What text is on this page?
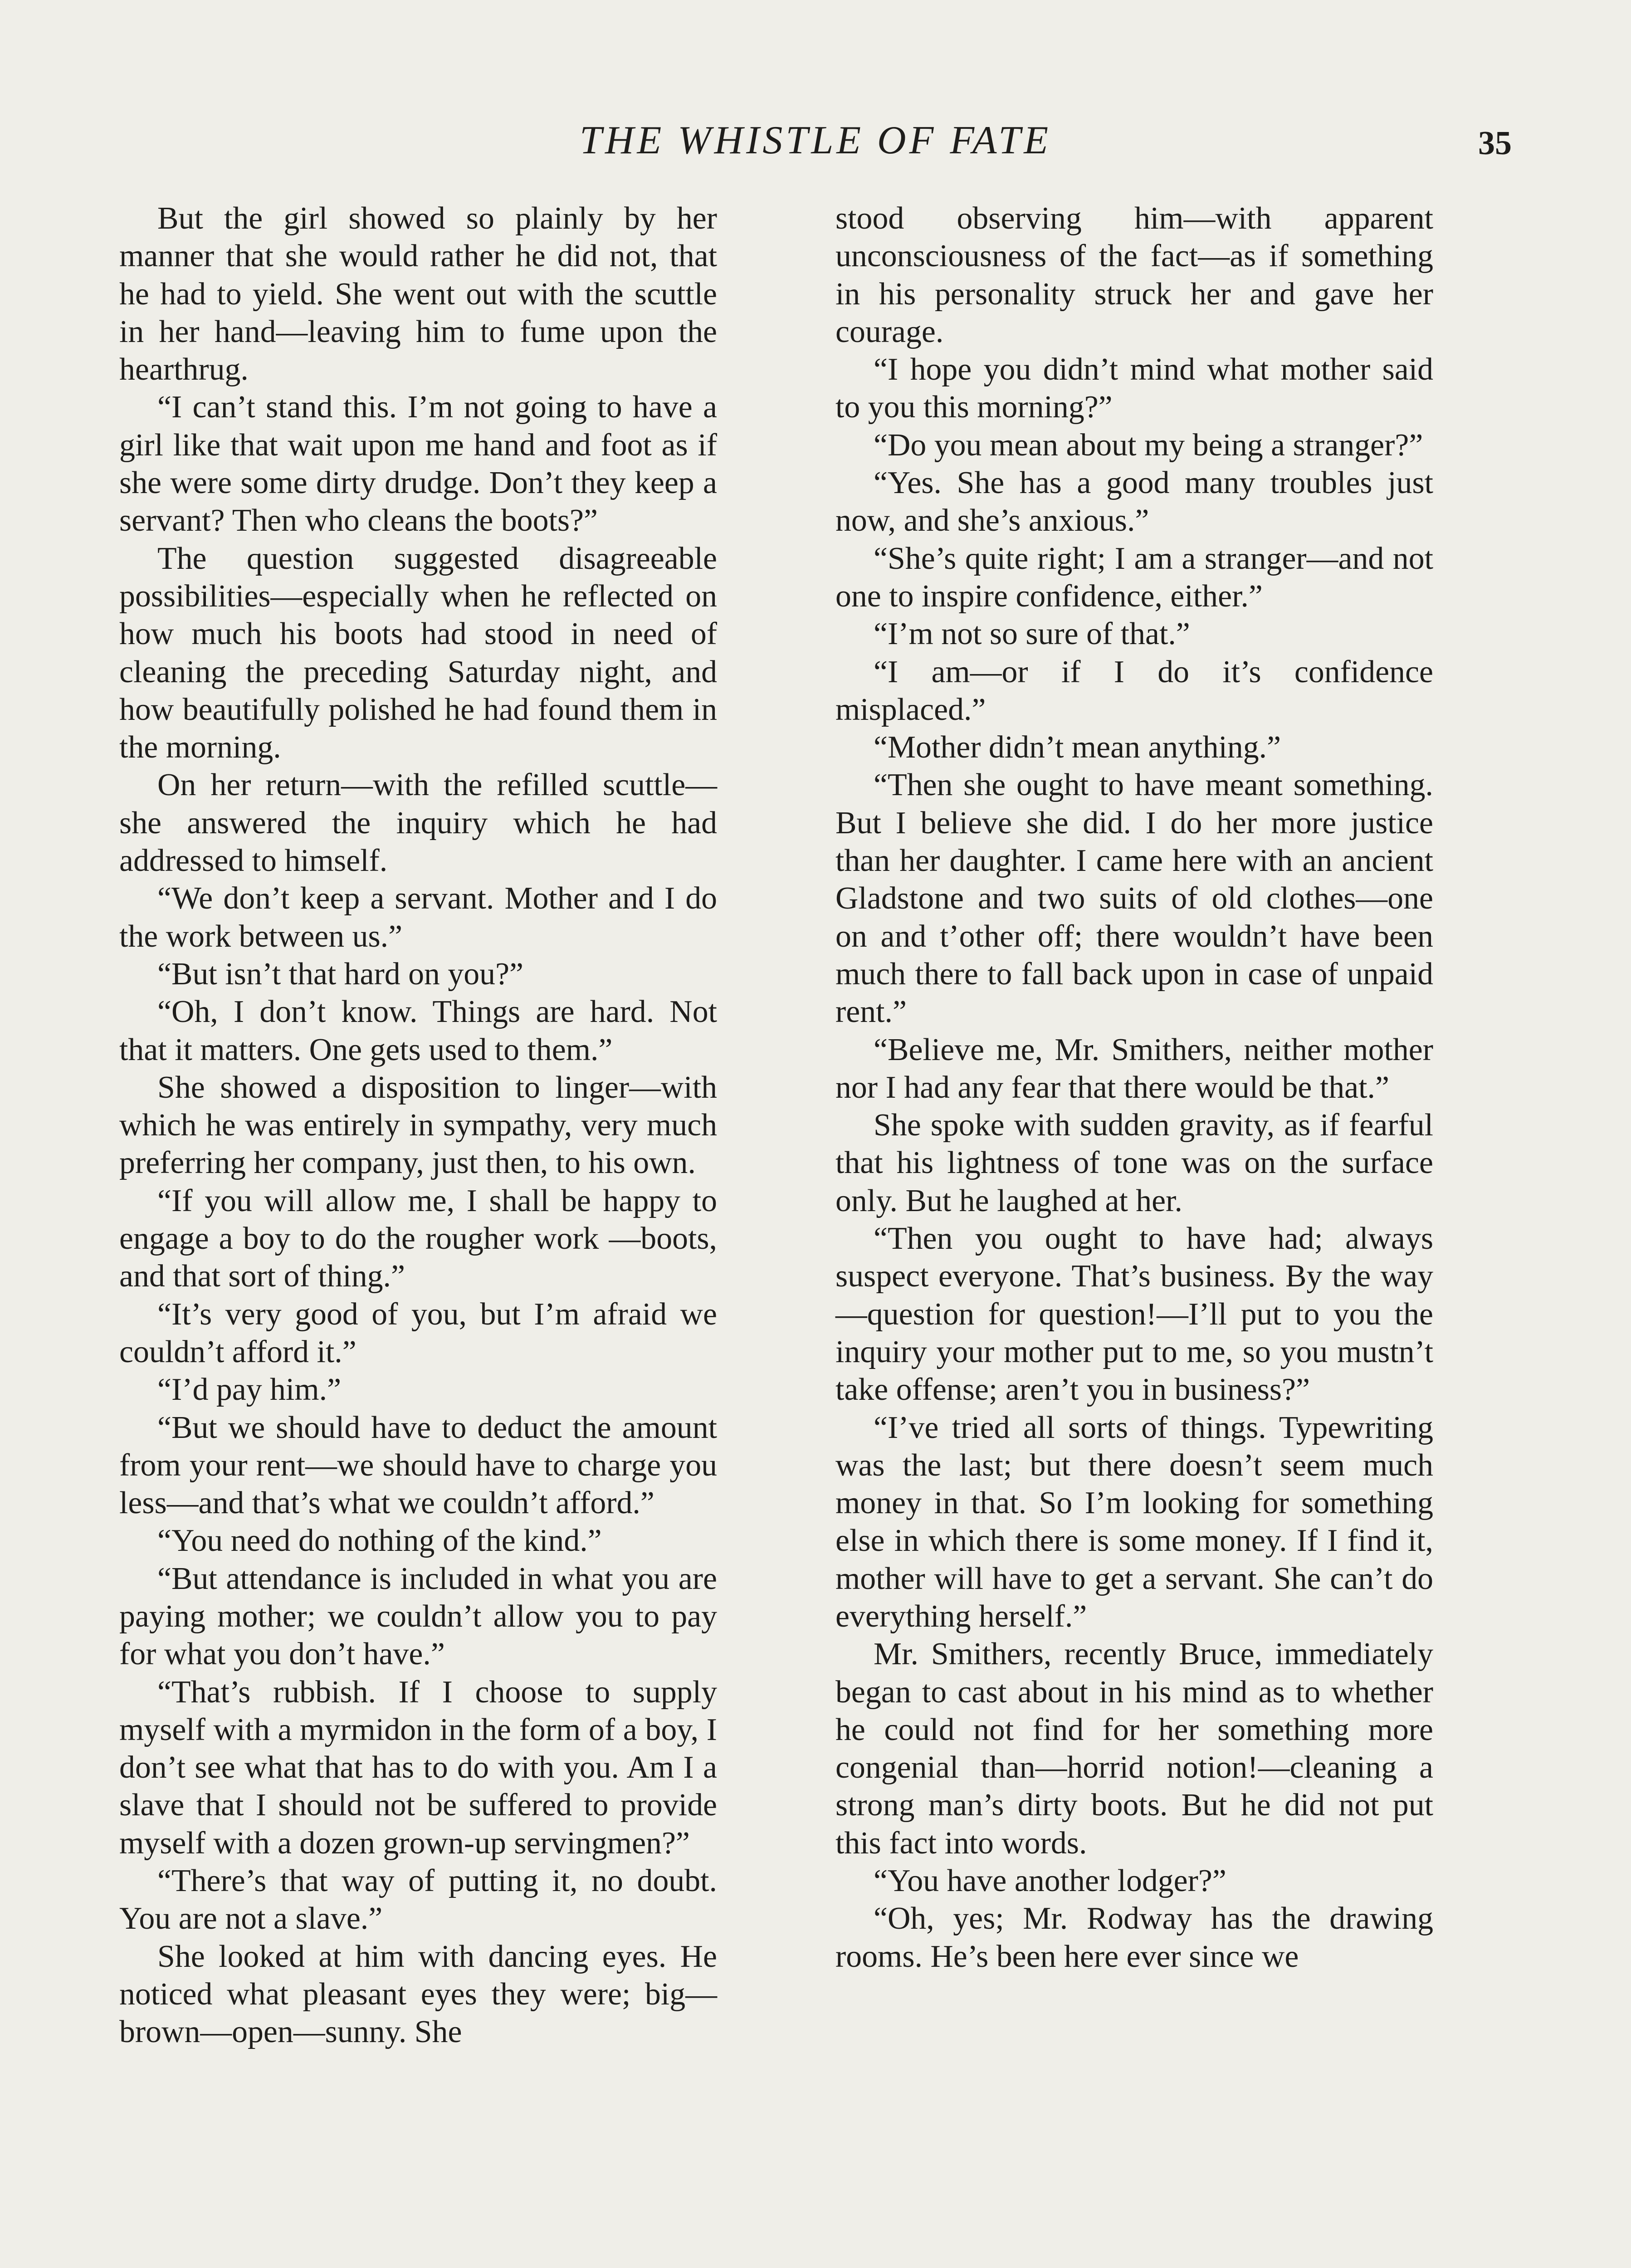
THE WHISTLE OF FATE	35

But the girl showed so plainly by her manner that she would rather he did not, that he had to yield. She went out with the scuttle in her hand—leaving him to fume upon the hearthrug.

“I can’t stand this. I’m not going to have a girl like that wait upon me hand and foot as if she were some dirty drudge. Don’t they keep a servant? Then who cleans the boots?”

The question suggested disagreeable possibilities—especially when he reflected on how much his boots had stood in need of cleaning the preceding Saturday night, and how beautifully polished he had found them in the morning.

On her return—with the refilled scuttle—she answered the inquiry which he had addressed to himself.

“We don’t keep a servant. Mother and I do the work between us.”

“But isn’t that hard on you?”

“Oh, I don’t know. Things are hard. Not that it matters. One gets used to them.”

She showed a disposition to linger—with which he was entirely in sympathy, very much preferring her company, just then, to his own.

“If you will allow me, I shall be happy to engage a boy to do the rougher work —boots, and that sort of thing.”

“It’s very good of you, but I’m afraid we couldn’t afford it.”

“I’d pay him.”

“But we should have to deduct the amount from your rent—we should have to charge you less—and that’s what we couldn’t afford.”

“You need do nothing of the kind.”

“But attendance is included in what you are paying mother; we couldn’t allow you to pay for what you don’t have.”

“That’s rubbish. If I choose to supply myself with a myrmidon in the form of a boy, I don’t see what that has to do with you. Am I a slave that I should not be suffered to provide myself with a dozen grown-up servingmen?”

“There’s that way of putting it, no doubt. You are not a slave.”

She looked at him with dancing eyes. He noticed what pleasant eyes they were; big—brown—open—sunny. She

stood observing him—with apparent unconsciousness of the fact—as if something in his personality struck her and gave her courage.

“I hope you didn’t mind what mother said to you this morning?”

“Do you mean about my being a stranger?”

“Yes. She has a good many troubles just now, and she’s anxious.”

“She’s quite right; I am a stranger—and not one to inspire confidence, either.”

“I’m not so sure of that.”

“I am—or if I do it’s confidence misplaced.”

“Mother didn’t mean anything.”

“Then she ought to have meant something. But I believe she did. I do her more justice than her daughter. I came here with an ancient Gladstone and two suits of old clothes—one on and t’other off; there wouldn’t have been much there to fall back upon in case of unpaid rent.”

“Believe me, Mr. Smithers, neither mother nor I had any fear that there would be that.”

She spoke with sudden gravity, as if fearful that his lightness of tone was on the surface only. But he laughed at her.

“Then you ought to have had; always suspect everyone. That’s business. By the way—question for question!—I’ll put to you the inquiry your mother put to me, so you mustn’t take offense; aren’t you in business?”

“I’ve tried all sorts of things. Typewriting was the last; but there doesn’t seem much money in that. So I’m looking for something else in which there is some money. If I find it, mother will have to get a servant. She can’t do everything herself.”

Mr. Smithers, recently Bruce, immediately began to cast about in his mind as to whether he could not find for her something more congenial than—horrid notion!—cleaning a strong man’s dirty boots. But he did not put this fact into words.

“You have another lodger?”

“Oh, yes; Mr. Rodway has the drawing rooms. He’s been here ever since we
